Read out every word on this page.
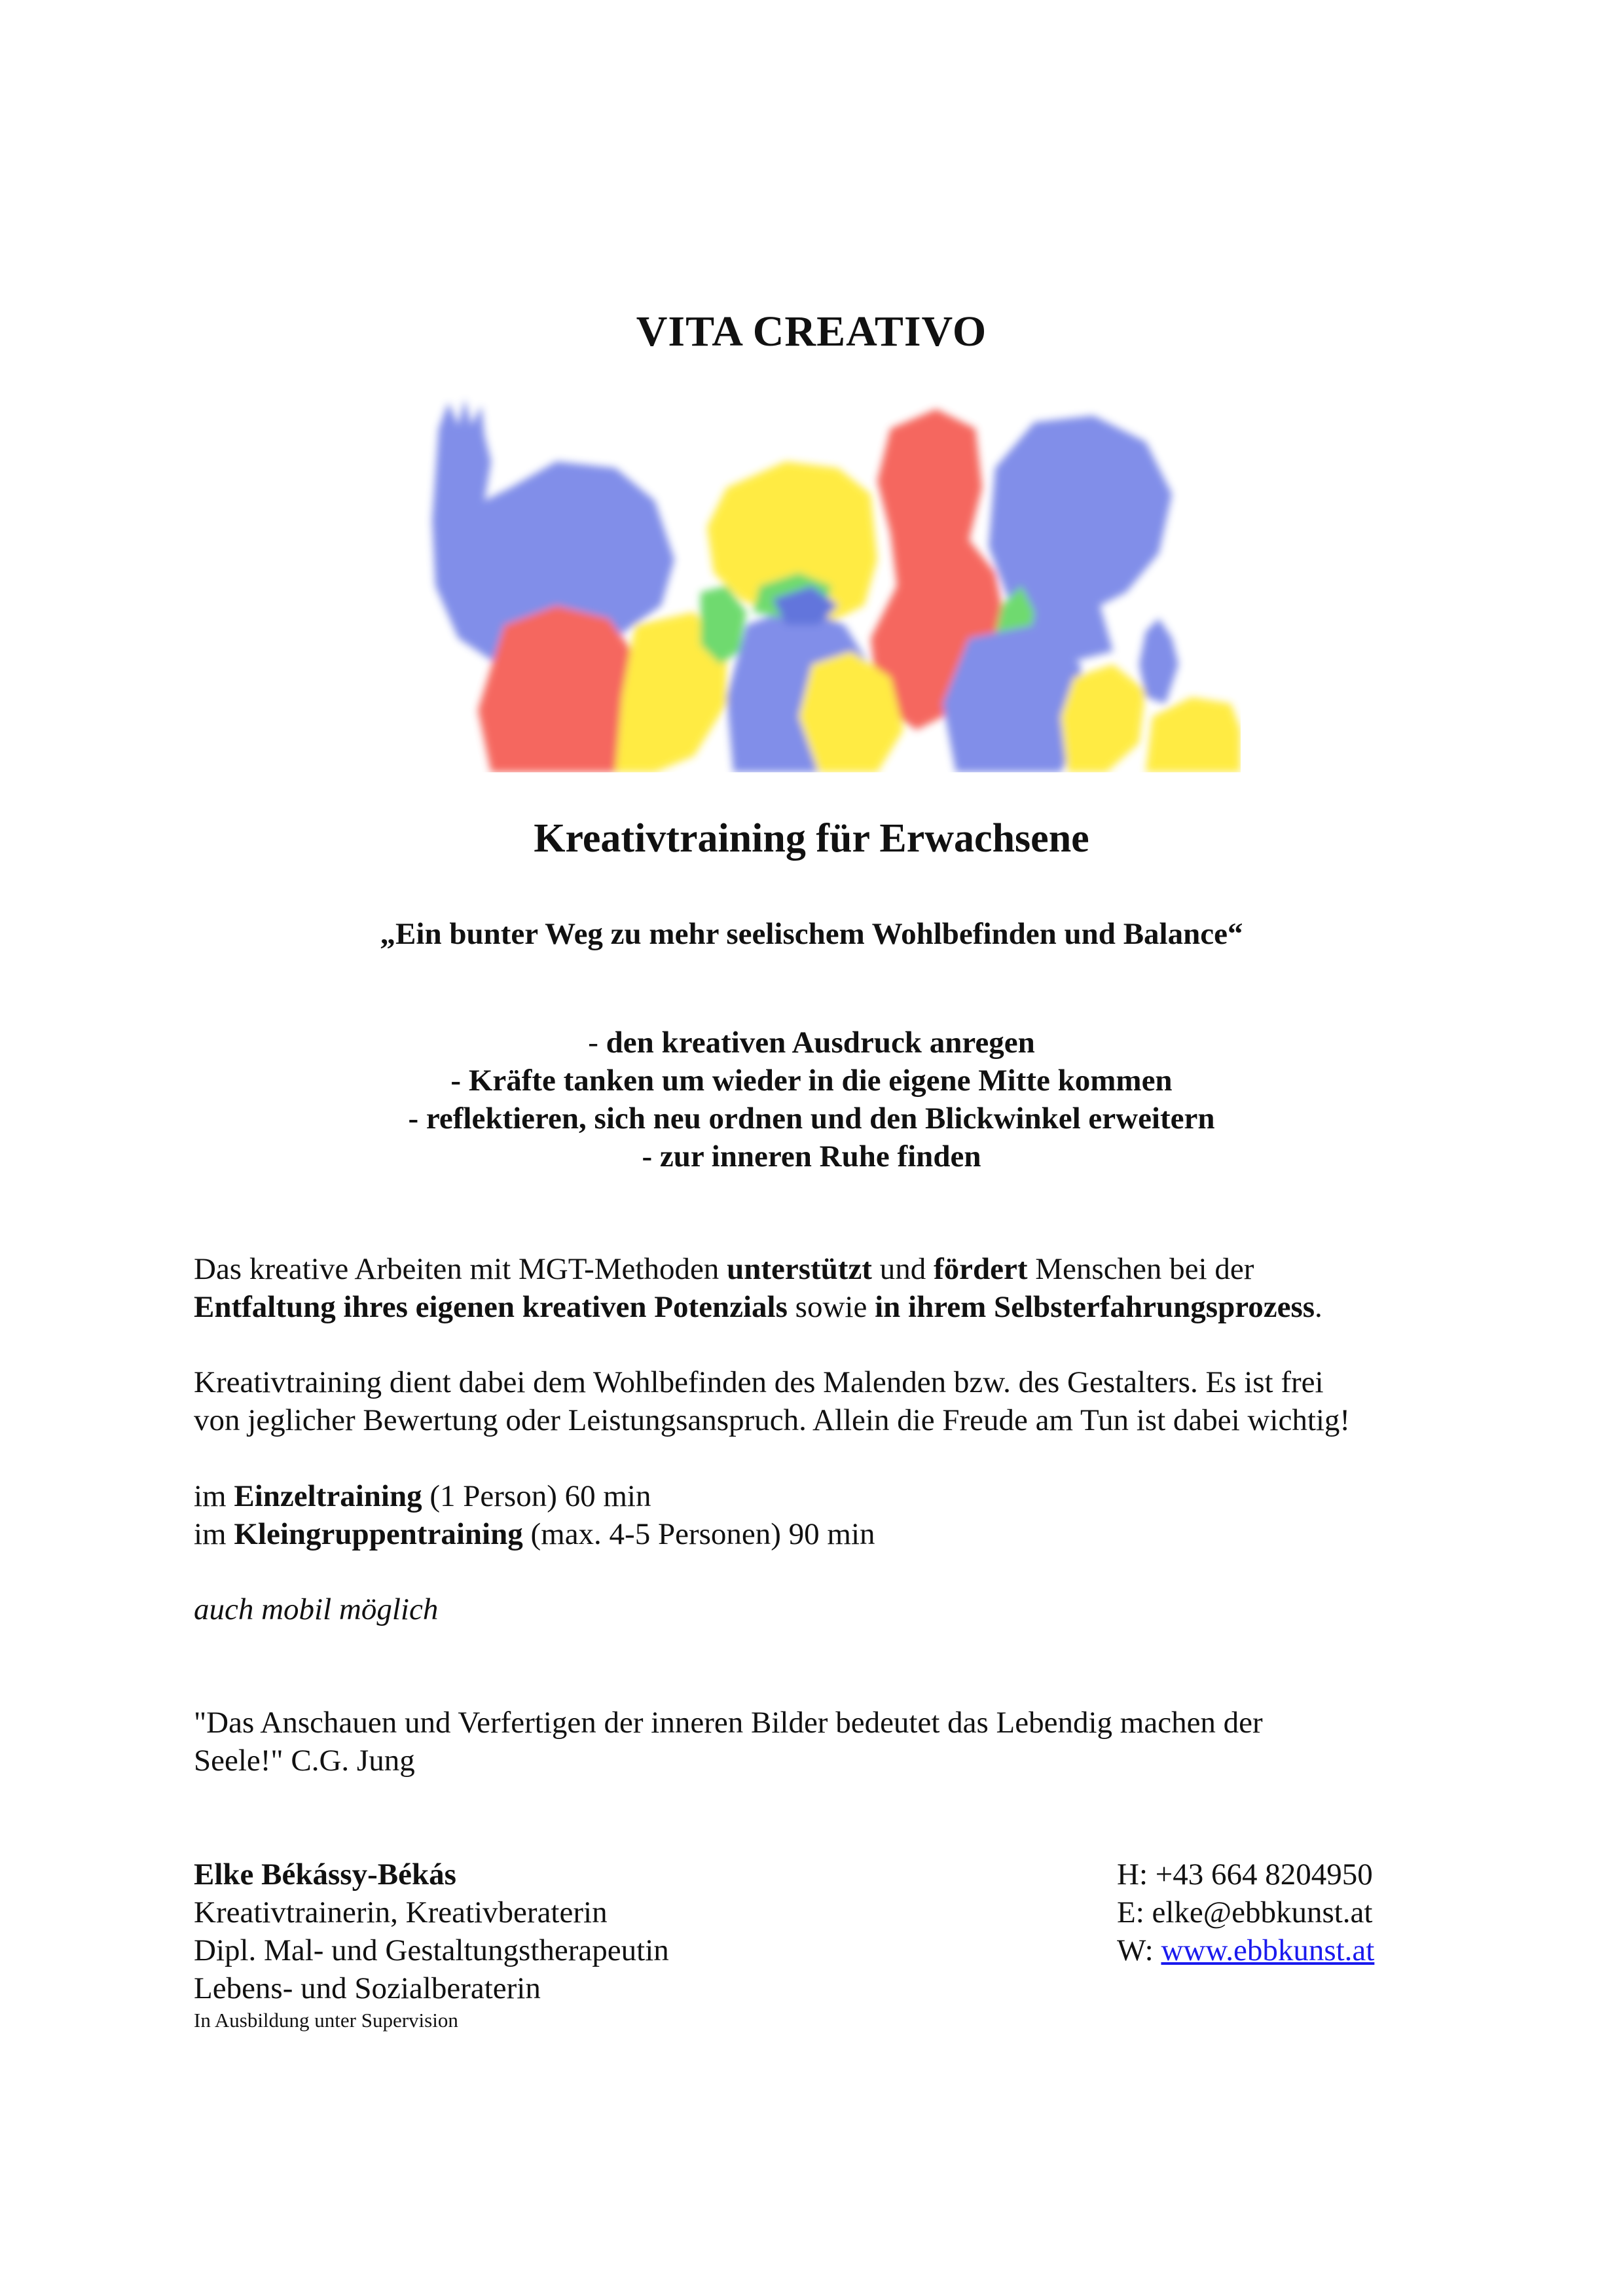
VITA CREATIVO
Kreativtraining für Erwachsene
„Ein bunter Weg zu mehr seelischem Wohlbefinden und Balance“
- den kreativen Ausdruck anregen
- Kräfte tanken um wieder in die eigene Mitte kommen
- reflektieren, sich neu ordnen und den Blickwinkel erweitern
- zur inneren Ruhe finden
Das kreative Arbeiten mit MGT-Methoden unterstützt und fördert Menschen bei der
Entfaltung ihres eigenen kreativen Potenzials sowie in ihrem Selbsterfahrungsprozess.
Kreativtraining dient dabei dem Wohlbefinden des Malenden bzw. des Gestalters. Es ist frei
von jeglicher Bewertung oder Leistungsanspruch. Allein die Freude am Tun ist dabei wichtig!
im Einzeltraining (1 Person) 60 min
im Kleingruppentraining (max. 4-5 Personen) 90 min
auch mobil möglich
"Das Anschauen und Verfertigen der inneren Bilder bedeutet das Lebendig machen der
Seele!" C.G. Jung
Elke Békássy-Békás
Kreativtrainerin, Kreativberaterin
Dipl. Mal- und Gestaltungstherapeutin
Lebens- und Sozialberaterin
In Ausbildung unter Supervision
H: +43 664 8204950
E: elke@ebbkunst.at
W: www.ebbkunst.at
